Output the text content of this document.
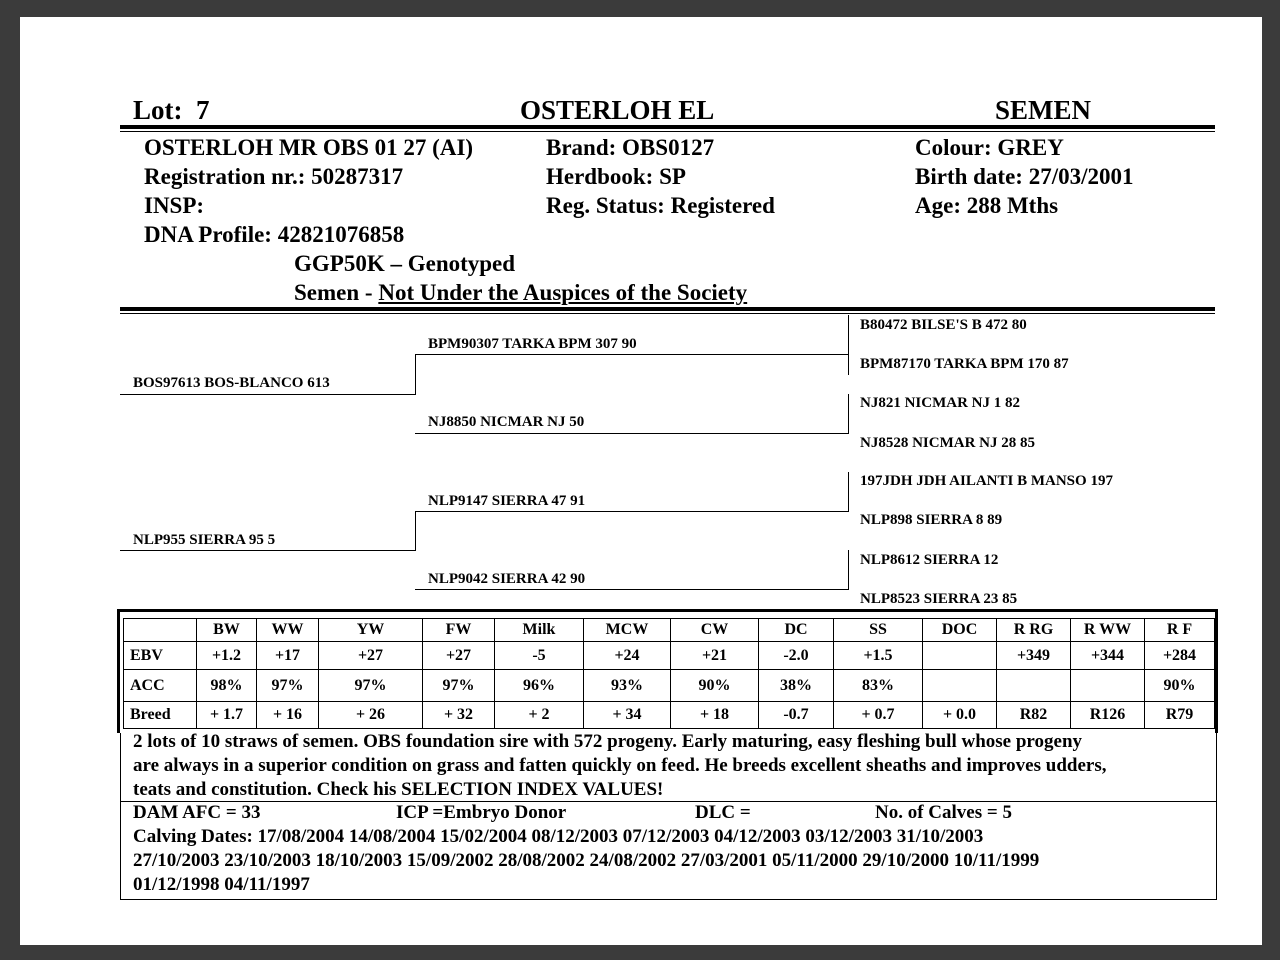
Lot: 7	OSTERLOH EL	SEMEN
OSTERLOH MR OBS 01 27 (AI)
Registration nr.: 50287317
INSP:
DNA Profile: 42821076858
GGP50K – Genotyped
Semen - Not Under the Auspices of the Society
Brand: OBS0127
Herdbook: SP
Reg. Status: Registered
Colour: GREY
Birth date: 27/03/2001
Age: 288 Mths
BOS97613 BOS-BLANCO 613
NLP955 SIERRA 95 5
BPM90307 TARKA BPM 307 90
NJ8850 NICMAR NJ 50
NLP9147 SIERRA 47 91
NLP9042 SIERRA 42 90
B80472 BILSE'S B 472 80
BPM87170 TARKA BPM 170 87
NJ821 NICMAR NJ 1 82
NJ8528 NICMAR NJ 28 85
197JDH JDH AILANTI B MANSO 197
NLP898 SIERRA 8 89
NLP8612 SIERRA 12
NLP8523 SIERRA 23 85
	BW	WW	YW	FW	Milk	MCW	CW	DC	SS	DOC	R RG	R WW	R F
EBV	+1.2	+17	+27	+27	-5	+24	+21	-2.0	+1.5		+349	+344	+284
ACC	98%	97%	97%	97%	96%	93%	90%	38%	83%				90%
Breed	+ 1.7	+ 16	+ 26	+ 32	+ 2	+ 34	+ 18	-0.7	+ 0.7	+ 0.0	R82	R126	R79
2 lots of 10 straws of semen. OBS foundation sire with 572 progeny. Early maturing, easy fleshing bull whose progeny
are always in a superior condition on grass and fatten quickly on feed. He breeds excellent sheaths and improves udders,
teats and constitution. Check his SELECTION INDEX VALUES!
DAM AFC = 33	ICP =Embryo Donor	DLC =	No. of Calves = 5
Calving Dates: 17/08/2004 14/08/2004 15/02/2004 08/12/2003 07/12/2003 04/12/2003 03/12/2003 31/10/2003
27/10/2003 23/10/2003 18/10/2003 15/09/2002 28/08/2002 24/08/2002 27/03/2001 05/11/2000 29/10/2000 10/11/1999
01/12/1998 04/11/1997
